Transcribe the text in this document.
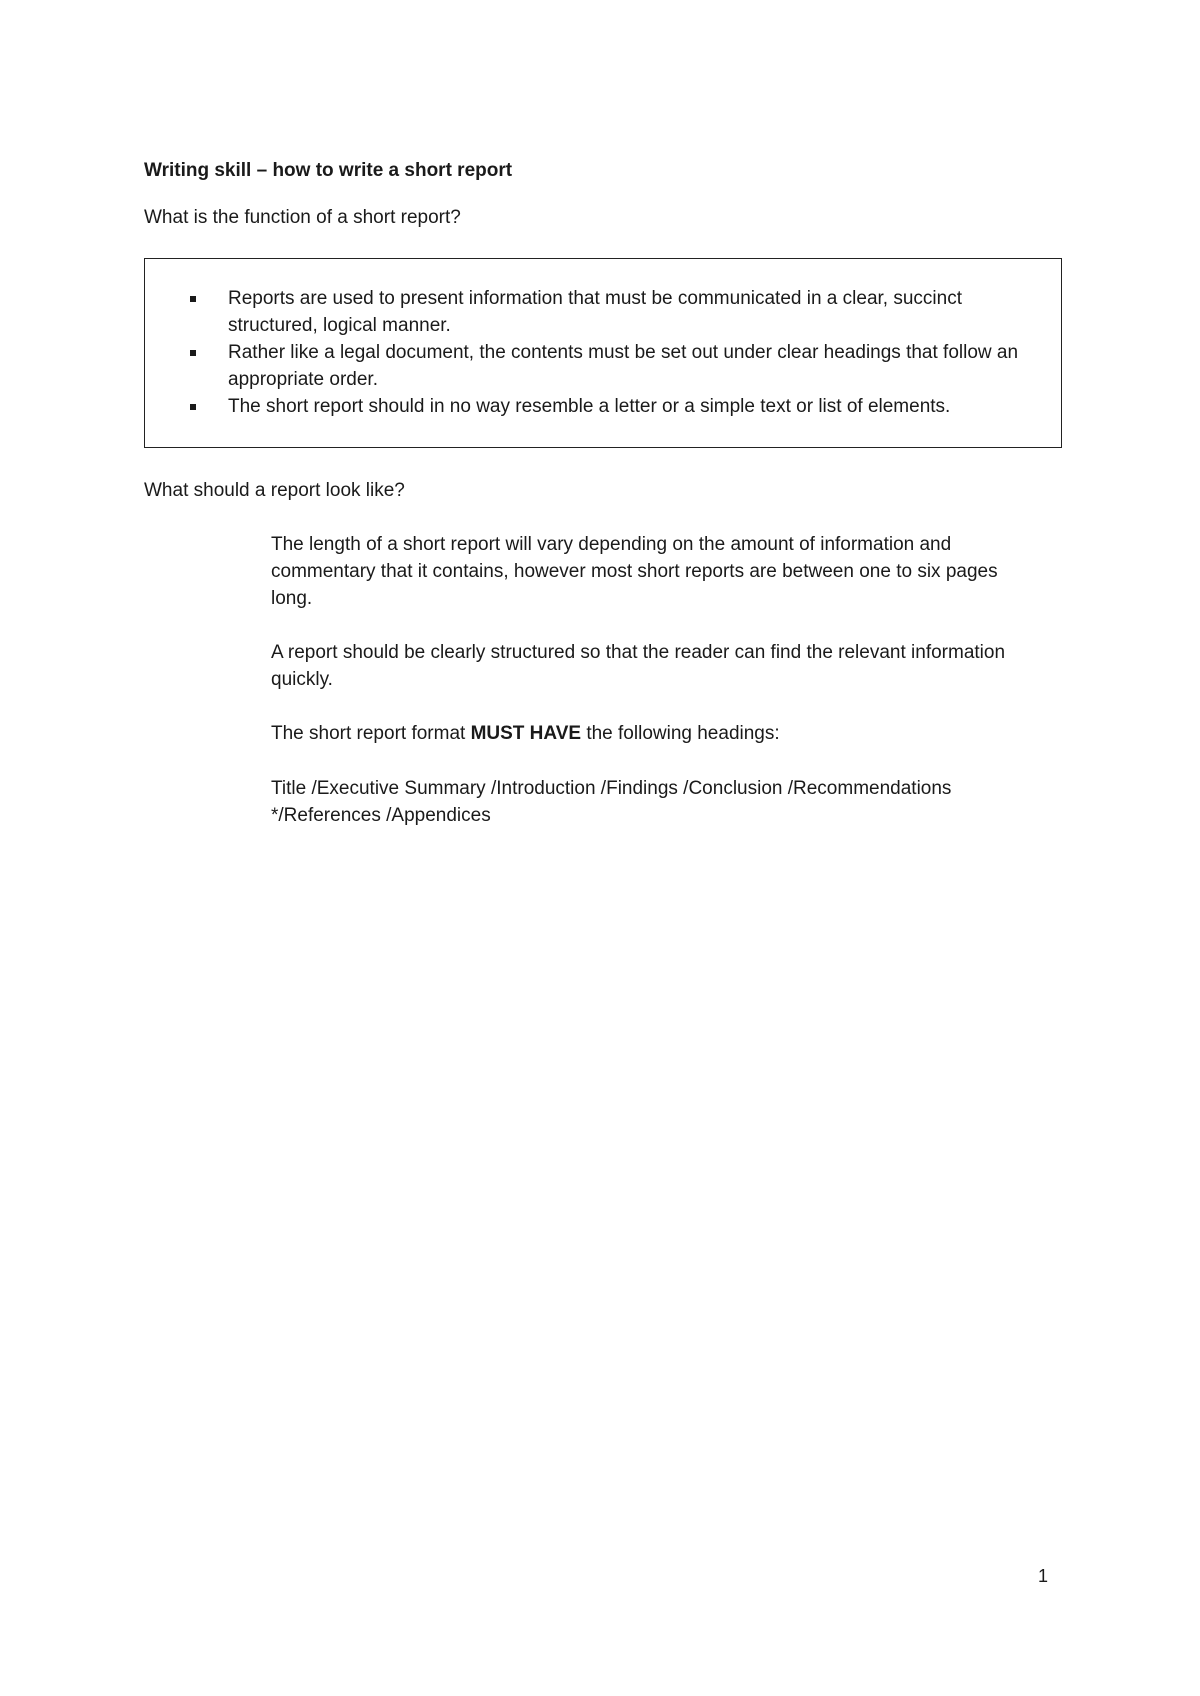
Writing skill – how to write a short report

What is the function of a short report?

Reports are used to present information that must be communicated in a clear, succinct structured, logical manner.
Rather like a legal document, the contents must be set out under clear headings that follow an appropriate order.
The short report should in no way resemble a letter or a simple text or list of elements.

What should a report look like?

The length of a short report will vary depending on the amount of information and commentary that it contains, however most short reports are between one to six pages long.

A report should be clearly structured so that the reader can find the relevant information quickly.

The short report format MUST HAVE the following headings:

Title /Executive Summary /Introduction /Findings /Conclusion /Recommendations */References /Appendices

1
